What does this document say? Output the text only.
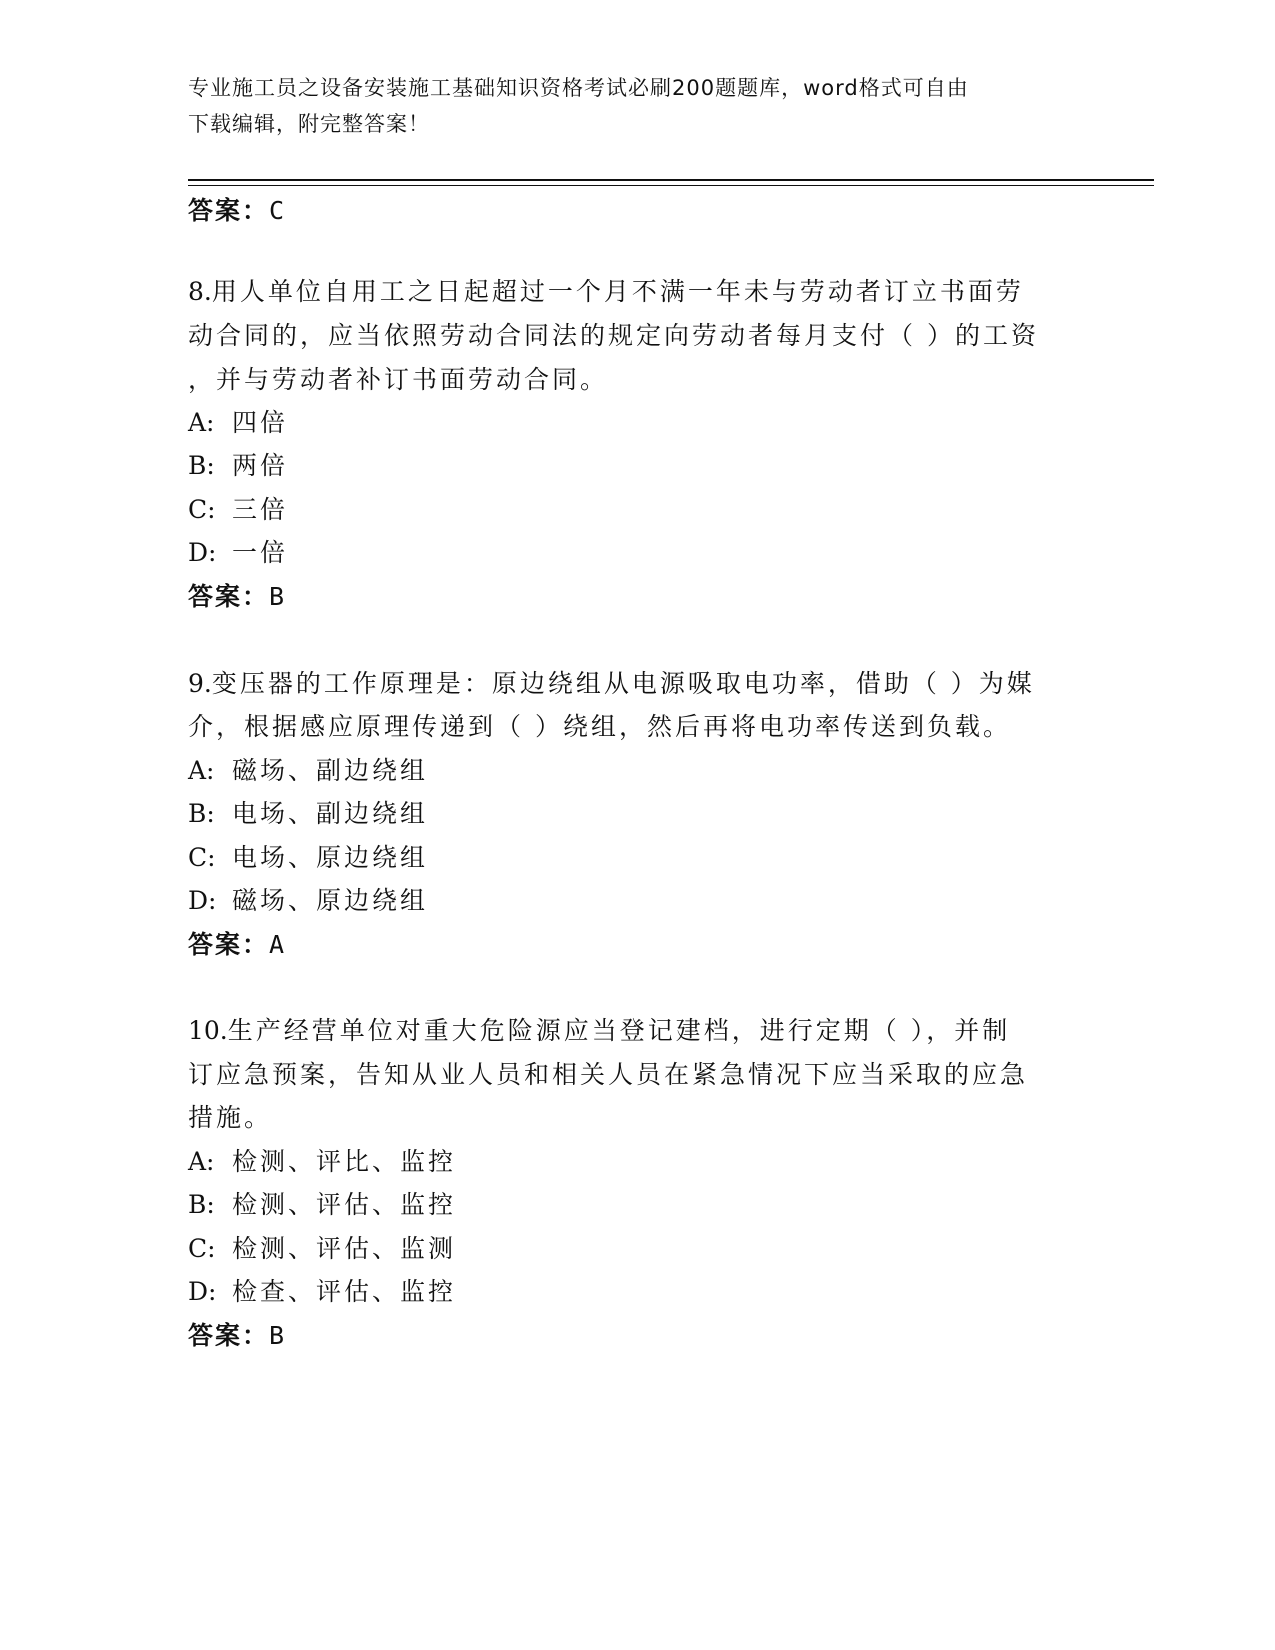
专业施工员之设备安装施工基础知识资格考试必刷200题题库，word格式可自由
下载编辑，附完整答案！
答案：C
8.用人单位自用工之日起超过一个月不满一年未与劳动者订立书面劳
动合同的，应当依照劳动合同法的规定向劳动者每月支付（ ）的工资
，并与劳动者补订书面劳动合同。
A: 四倍
B: 两倍
C: 三倍
D: 一倍
答案：B
9.变压器的工作原理是：原边绕组从电源吸取电功率，借助（ ）为媒
介，根据感应原理传递到（ ）绕组，然后再将电功率传送到负载。
A: 磁场、副边绕组
B: 电场、副边绕组
C: 电场、原边绕组
D: 磁场、原边绕组
答案：A
10.生产经营单位对重大危险源应当登记建档，进行定期（ ），并制
订应急预案，告知从业人员和相关人员在紧急情况下应当采取的应急
措施。
A: 检测、评比、监控
B: 检测、评估、监控
C: 检测、评估、监测
D: 检查、评估、监控
答案：B
